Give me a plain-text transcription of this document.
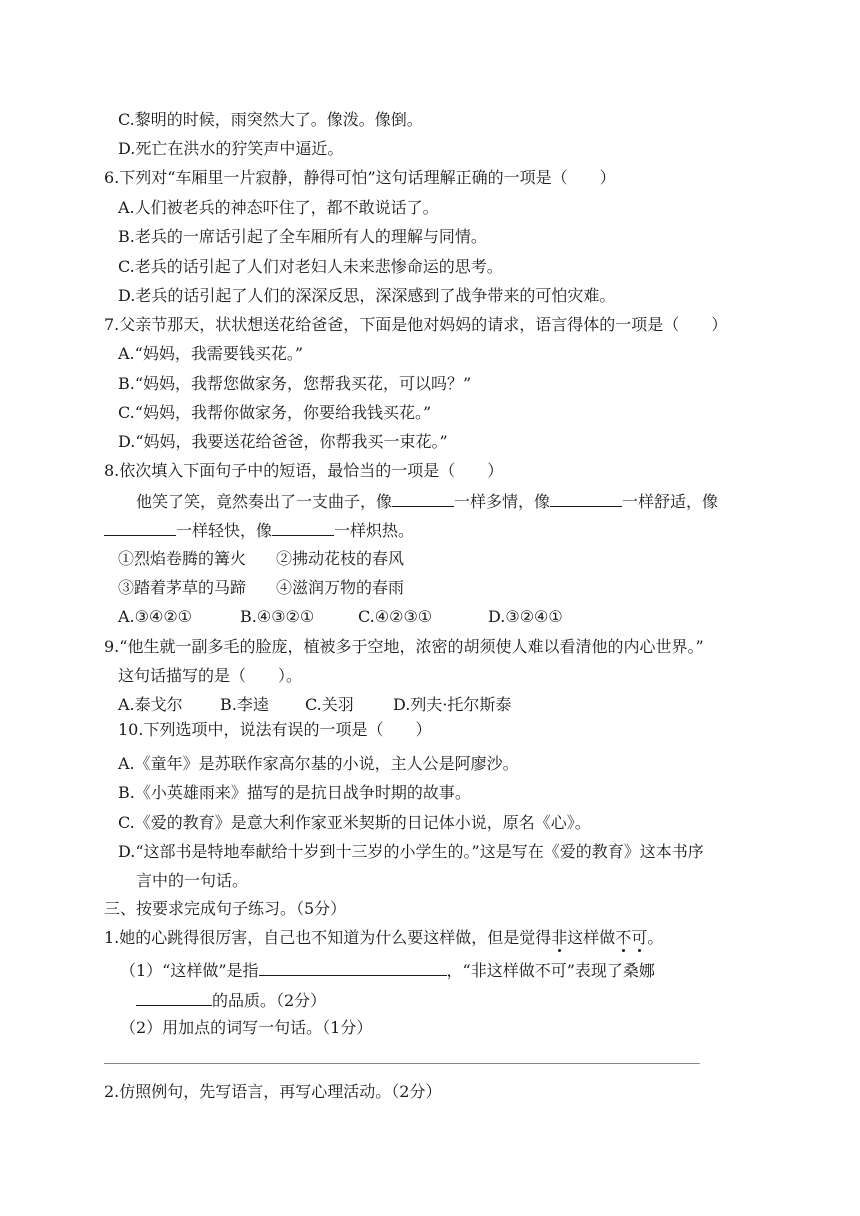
C.黎明的时候，雨突然大了。像泼。像倒。
D.死亡在洪水的狞笑声中逼近。
6.下列对“车厢里一片寂静，静得可怕”这句话理解正确的一项是（　　）
A.人们被老兵的神态吓住了，都不敢说话了。
B.老兵的一席话引起了全车厢所有人的理解与同情。
C.老兵的话引起了人们对老妇人未来悲惨命运的思考。
D.老兵的话引起了人们的深深反思，深深感到了战争带来的可怕灾难。
7.父亲节那天，状状想送花给爸爸，下面是他对妈妈的请求，语言得体的一项是（　　）
A.“妈妈，我需要钱买花。”
B.“妈妈，我帮您做家务，您帮我买花，可以吗？”
C.“妈妈，我帮你做家务，你要给我钱买花。”
D.“妈妈，我要送花给爸爸，你帮我买一束花。”
8.依次填入下面句子中的短语，最恰当的一项是（　　）
他笑了笑，竟然奏出了一支曲子，像	一样多情，像	一样舒适，像
一样轻快，像	一样炽热。
①烈焰卷腾的篝火 ②拂动花枝的春风
③踏着茅草的马蹄 ④滋润万物的春雨
A.③④②①	B.④③②①	C.④②③①	D.③②④①
9.“他生就一副多毛的脸庞，植被多于空地，浓密的胡须使人难以看清他的内心世界。”
这句话描写的是（　　）。
A.泰戈尔 B.李逵 C.关羽 D.列夫·托尔斯泰
10.下列选项中，说法有误的一项是（　　）
A.《童年》是苏联作家高尔基的小说，主人公是阿廖沙。
B.《小英雄雨来》描写的是抗日战争时期的故事。
C.《爱的教育》是意大利作家亚米契斯的日记体小说，原名《心》。
D.“这部书是特地奉献给十岁到十三岁的小学生的。”这是写在《爱的教育》这本书序
言中的一句话。
三、按要求完成句子练习。（5分）
1.她的心跳得很厉害，自己也不知道为什么要这样做，但是觉得非这样做不可。
（1）“这样做”是指	，“非这样做不可”表现了桑娜
的品质。（2分）
（2）用加点的词写一句话。（1分）
2.仿照例句，先写语言，再写心理活动。（2分）
